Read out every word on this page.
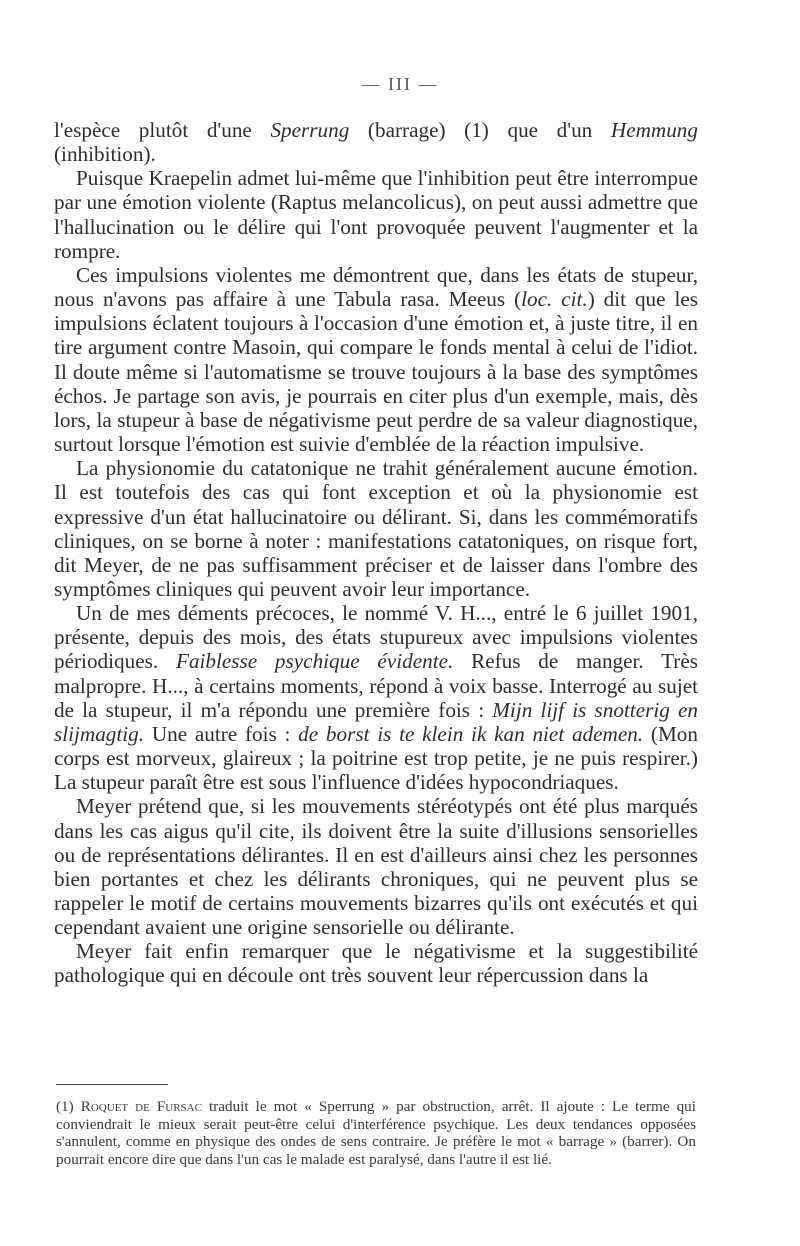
— III —

l'espèce plutôt d'une Sperrung (barrage) (1) que d'un Hemmung (inhibition).

Puisque Kraepelin admet lui-même que l'inhibition peut être interrompue par une émotion violente (Raptus melancolicus), on peut aussi admettre que l'hallucination ou le délire qui l'ont provoquée peuvent l'augmenter et la rompre.

Ces impulsions violentes me démontrent que, dans les états de stupeur, nous n'avons pas affaire à une Tabula rasa. Meeus (loc. cit.) dit que les impulsions éclatent toujours à l'occasion d'une émotion et, à juste titre, il en tire argument contre Masoin, qui compare le fonds mental à celui de l'idiot. Il doute même si l'automatisme se trouve toujours à la base des symptômes échos. Je partage son avis, je pourrais en citer plus d'un exemple, mais, dès lors, la stupeur à base de négativisme peut perdre de sa valeur diagnostique, surtout lorsque l'émotion est suivie d'emblée de la réaction impulsive.

La physionomie du catatonique ne trahit généralement aucune émotion. Il est toutefois des cas qui font exception et où la physionomie est expressive d'un état hallucinatoire ou délirant. Si, dans les commémoratifs cliniques, on se borne à noter : manifestations catatoniques, on risque fort, dit Meyer, de ne pas suffisamment préciser et de laisser dans l'ombre des symptômes cliniques qui peuvent avoir leur importance.

Un de mes déments précoces, le nommé V. H..., entré le 6 juillet 1901, présente, depuis des mois, des états stupureux avec impulsions violentes périodiques. Faiblesse psychique évidente. Refus de manger. Très malpropre. H..., à certains moments, répond à voix basse. Interrogé au sujet de la stupeur, il m'a répondu une première fois : Mijn lijf is snotterig en slijmagtig. Une autre fois : de borst is te klein ik kan niet ademen. (Mon corps est morveux, glaireux ; la poitrine est trop petite, je ne puis respirer.) La stupeur paraît être est sous l'influence d'idées hypocondriaques.

Meyer prétend que, si les mouvements stéréotypés ont été plus marqués dans les cas aigus qu'il cite, ils doivent être la suite d'illusions sensorielles ou de représentations délirantes. Il en est d'ailleurs ainsi chez les personnes bien portantes et chez les délirants chroniques, qui ne peuvent plus se rappeler le motif de certains mouvements bizarres qu'ils ont exécutés et qui cependant avaient une origine sensorielle ou délirante.

Meyer fait enfin remarquer que le négativisme et la suggestibilité pathologique qui en découle ont très souvent leur répercussion dans la

(1) Roquet de Fursac traduit le mot « Sperrung » par obstruction, arrêt. Il ajoute : Le terme qui conviendrait le mieux serait peut-être celui d'interférence psychique. Les deux tendances opposées s'annulent, comme en physique des ondes de sens contraire. Je préfère le mot « barrage » (barrer). On pourrait encore dire que dans l'un cas le malade est paralysé, dans l'autre il est lié.
